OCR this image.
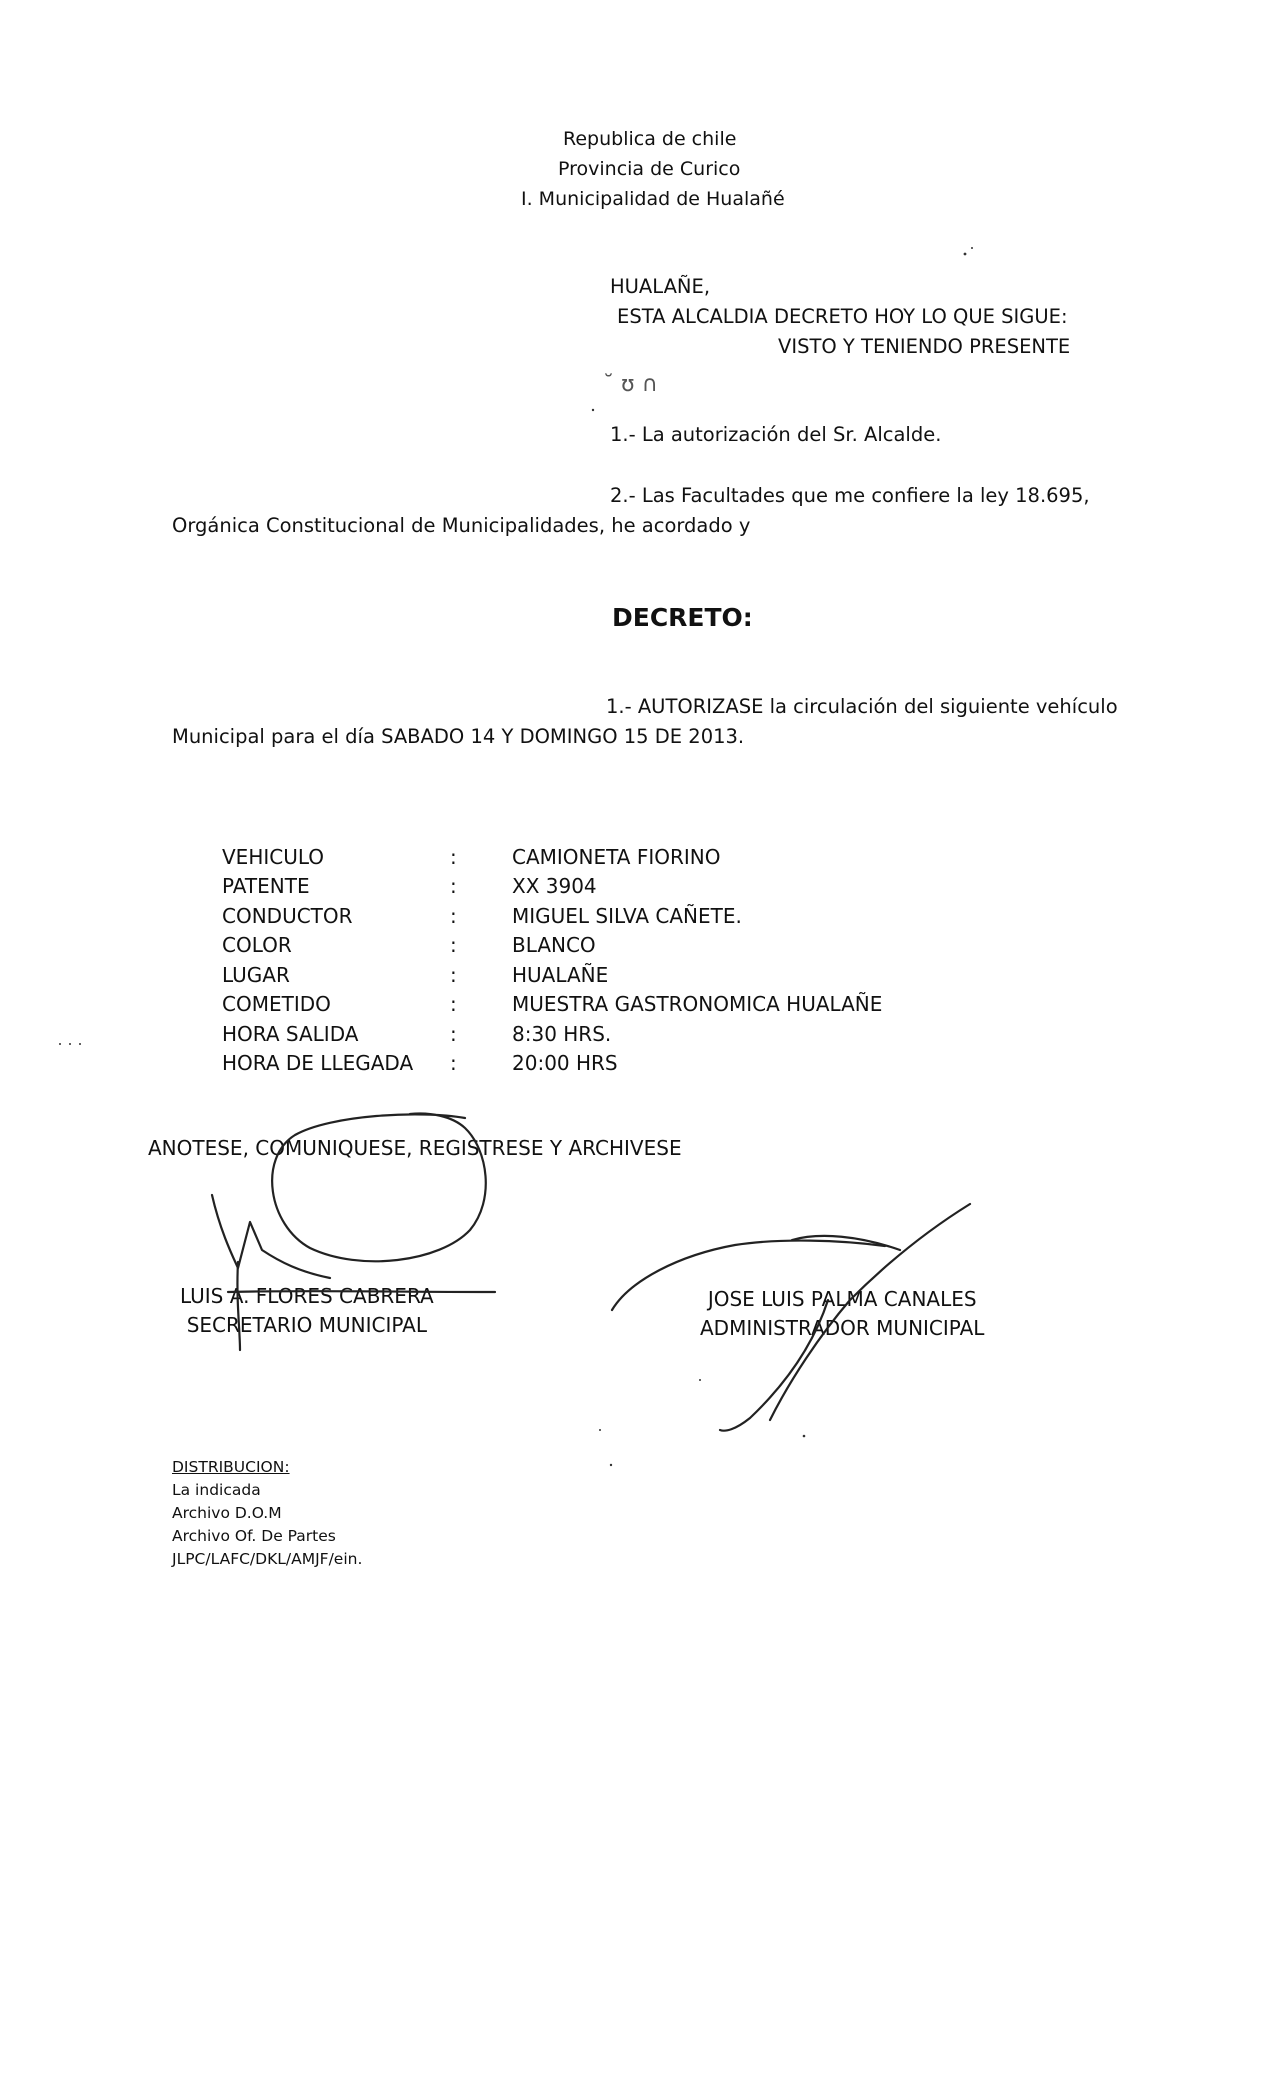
Republica de chile
Provincia de Curico
I. Municipalidad de Hualañé
HUALAÑE,
ESTA ALCALDIA DECRETO HOY LO QUE SIGUE:
VISTO Y TENIENDO PRESENTE
˘ ʊ ∩
1.- La autorización del Sr. Alcalde.
2.- Las Facultades que me confiere la ley 18.695,
Orgánica Constitucional de Municipalidades, he acordado y
DECRETO:
1.- AUTORIZASE la circulación del siguiente vehículo
Municipal para el día SABADO 14 Y DOMINGO 15 DE 2013.
VEHICULO	:	CAMIONETA FIORINO
PATENTE	:	XX 3904
CONDUCTOR	:	MIGUEL SILVA CAÑETE.
COLOR	:	BLANCO
LUGAR	:	HUALAÑE
COMETIDO	:	MUESTRA GASTRONOMICA HUALAÑE
HORA SALIDA	:	8:30 HRS.
HORA DE LLEGADA	:	20:00 HRS
ANOTESE, COMUNIQUESE, REGISTRESE Y ARCHIVESE
LUIS A. FLORES CABRERA
SECRETARIO MUNICIPAL
JOSE LUIS PALMA CANALES
ADMINISTRADOR MUNICIPAL
DISTRIBUCION:
La indicada
Archivo D.O.M
Archivo Of. De Partes
JLPC/LAFC/DKL/AMJF/ein.
